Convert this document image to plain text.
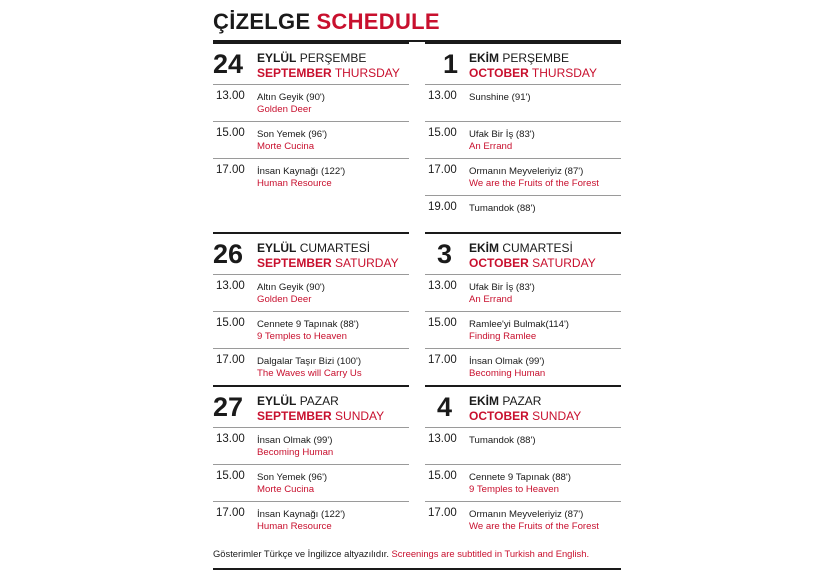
ÇİZELGE SCHEDULE
24 EYLÜL PERŞEMBE
SEPTEMBER THURSDAY
13.00 Altın Geyik (90')
Golden Deer
15.00 Son Yemek (96')
Morte Cucina
17.00 İnsan Kaynağı (122')
Human Resource
1 EKİM PERŞEMBE
OCTOBER THURSDAY
13.00 Sunshine (91')
15.00 Ufak Bir İş (83')
An Errand
17.00 Ormanın Meyveleriyiz (87')
We are the Fruits of the Forest
19.00 Tumandok (88')
26 EYLÜL CUMARTESİ
SEPTEMBER SATURDAY
13.00 Altın Geyik (90')
Golden Deer
15.00 Cennete 9 Tapınak (88')
9 Temples to Heaven
17.00 Dalgalar Taşır Bizi (100')
The Waves will Carry Us
3 EKİM CUMARTESİ
OCTOBER SATURDAY
13.00 Ufak Bir İş (83')
An Errand
15.00 Ramlee'yi Bulmak(114')
Finding Ramlee
17.00 İnsan Olmak (99')
Becoming Human
27 EYLÜL PAZAR
SEPTEMBER SUNDAY
13.00 İnsan Olmak (99')
Becoming Human
15.00 Son Yemek (96')
Morte Cucina
17.00 İnsan Kaynağı (122')
Human Resource
4 EKİM PAZAR
OCTOBER SUNDAY
13.00 Tumandok (88')
15.00 Cennete 9 Tapınak (88')
9 Temples to Heaven
17.00 Ormanın Meyveleriyiz (87')
We are the Fruits of the Forest
Gösterimler Türkçe ve İngilizce altyazılıdır. Screenings are subtitled in Turkish and English.
